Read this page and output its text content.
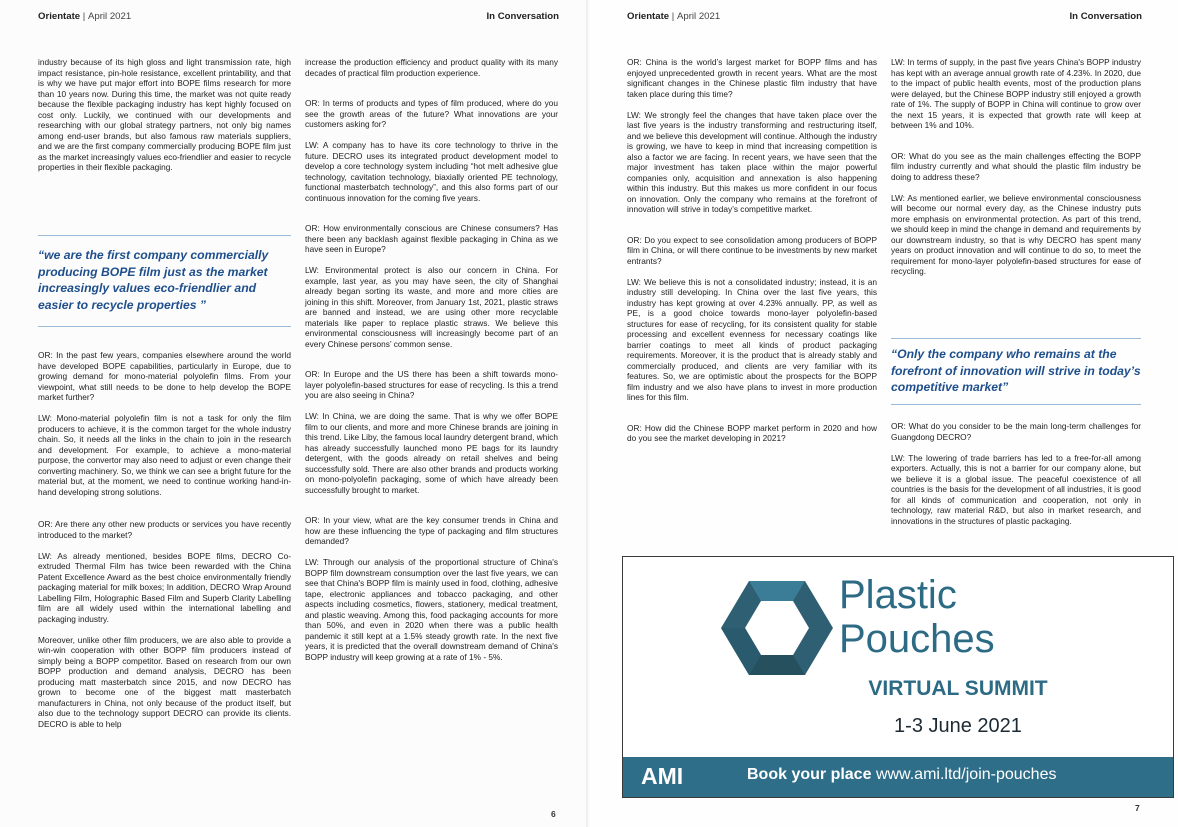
Orientate | April 2021	In Conversation

industry because of its high gloss and light transmission rate, high impact resistance, pin-hole resistance, excellent printability, and that is why we have put major effort into BOPE films research for more than 10 years now. During this time, the market was not quite ready because the flexible packaging industry has kept highly focused on cost only. Luckily, we continued with our developments and researching with our global strategy partners, not only big names among end-user brands, but also famous raw materials suppliers, and we are the first company commercially producing BOPE film just as the market increasingly values eco-friendlier and easier to recycle properties in their flexible packaging.

“we are the first company commercially producing BOPE film just as the market increasingly values eco-friendlier and easier to recycle properties ”

OR: In the past few years, companies elsewhere around the world have developed BOPE capabilities, particularly in Europe, due to growing demand for mono-material polyolefin films. From your viewpoint, what still needs to be done to help develop the BOPE market further?

LW: Mono-material polyolefin film is not a task for only the film producers to achieve, it is the common target for the whole industry chain. So, it needs all the links in the chain to join in the research and development. For example, to achieve a mono-material purpose, the convertor may also need to adjust or even change their converting machinery. So, we think we can see a bright future for the material but, at the moment, we need to continue working hand-in-hand developing strong solutions.

OR: Are there any other new products or services you have recently introduced to the market?

LW: As already mentioned, besides BOPE films, DECRO Co-extruded Thermal Film has twice been rewarded with the China Patent Excellence Award as the best choice environmentally friendly packaging material for milk boxes; In addition, DECRO Wrap Around Labelling Film, Holographic Based Film and Superb Clarity Labelling film are all widely used within the international labelling and packaging industry.

Moreover, unlike other film producers, we are also able to provide a win-win cooperation with other BOPP film producers instead of simply being a BOPP competitor. Based on research from our own BOPP production and demand analysis, DECRO has been producing matt masterbatch since 2015, and now DECRO has grown to become one of the biggest matt masterbatch manufacturers in China, not only because of the product itself, but also due to the technology support DECRO can provide its clients. DECRO is able to help

increase the production efficiency and product quality with its many decades of practical film production experience.

OR: In terms of products and types of film produced, where do you see the growth areas of the future? What innovations are your customers asking for?

LW: A company has to have its core technology to thrive in the future. DECRO uses its integrated product development model to develop a core technology system including “hot melt adhesive glue technology, cavitation technology, biaxially oriented PE technology, functional masterbatch technology”, and this also forms part of our continuous innovation for the coming five years.

OR: How environmentally conscious are Chinese consumers? Has there been any backlash against flexible packaging in China as we have seen in Europe?

LW: Environmental protect is also our concern in China. For example, last year, as you may have seen, the city of Shanghai already began sorting its waste, and more and more cities are joining in this shift. Moreover, from January 1st, 2021, plastic straws are banned and instead, we are using other more recyclable materials like paper to replace plastic straws. We believe this environmental consciousness will increasingly become part of an every Chinese persons’ common sense.

OR: In Europe and the US there has been a shift towards mono-layer polyolefin-based structures for ease of recycling. Is this a trend you are also seeing in China?

LW: In China, we are doing the same. That is why we offer BOPE film to our clients, and more and more Chinese brands are joining in this trend. Like Liby, the famous local laundry detergent brand, which has already successfully launched mono PE bags for its laundry detergent, with the goods already on retail shelves and being successfully sold. There are also other brands and products working on mono-polyolefin packaging, some of which have already been successfully brought to market.

OR: In your view, what are the key consumer trends in China and how are these influencing the type of packaging and film structures demanded?

LW: Through our analysis of the proportional structure of China's BOPP film downstream consumption over the last five years, we can see that China's BOPP film is mainly used in food, clothing, adhesive tape, electronic appliances and tobacco packaging, and other aspects including cosmetics, flowers, stationery, medical treatment, and plastic weaving. Among this, food packaging accounts for more than 50%, and even in 2020 when there was a public health pandemic it still kept at a 1.5% steady growth rate. In the next five years, it is predicted that the overall downstream demand of China's BOPP industry will keep growing at a rate of 1% - 5%.

6
Orientate | April 2021	In Conversation

OR: China is the world’s largest market for BOPP films and has enjoyed unprecedented growth in recent years. What are the most significant changes in the Chinese plastic film industry that have taken place during this time?

LW: We strongly feel the changes that have taken place over the last five years is the industry transforming and restructuring itself, and we believe this development will continue. Although the industry is growing, we have to keep in mind that increasing competition is also a factor we are facing. In recent years, we have seen that the major investment has taken place within the major powerful companies only, acquisition and annexation is also happening within this industry. But this makes us more confident in our focus on innovation. Only the company who remains at the forefront of innovation will strive in today’s competitive market.

OR: Do you expect to see consolidation among producers of BOPP film in China, or will there continue to be investments by new market entrants?

LW: We believe this is not a consolidated industry; instead, it is an industry still developing. In China over the last five years, this industry has kept growing at over 4.23% annually. PP, as well as PE, is a good choice towards mono-layer polyolefin-based structures for ease of recycling, for its consistent quality for stable processing and excellent evenness for necessary coatings like barrier coatings to meet all kinds of product packaging requirements. Moreover, it is the product that is already stably and commercially produced, and clients are very familiar with its features. So, we are optimistic about the prospects for the BOPP film industry and we also have plans to invest in more production lines for this film.

OR: How did the Chinese BOPP market perform in 2020 and how do you see the market developing in 2021?

LW: In terms of supply, in the past five years China's BOPP industry has kept with an average annual growth rate of 4.23%. In 2020, due to the impact of public health events, most of the production plans were delayed, but the Chinese BOPP industry still enjoyed a growth rate of 1%. The supply of BOPP in China will continue to grow over the next 15 years, it is expected that growth rate will keep at between 1% and 10%.

OR: What do you see as the main challenges effecting the BOPP film industry currently and what should the plastic film industry be doing to address these?

LW: As mentioned earlier, we believe environmental consciousness will become our normal every day, as the Chinese industry puts more emphasis on environmental protection. As part of this trend, we should keep in mind the change in demand and requirements by our downstream industry, so that is why DECRO has spent many years on product innovation and will continue to do so, to meet the requirement for mono-layer polyolefin-based structures for ease of recycling.

“Only the company who remains at the forefront of innovation will strive in today’s competitive market”

OR: What do you consider to be the main long-term challenges for Guangdong DECRO?

LW: The lowering of trade barriers has led to a free-for-all among exporters. Actually, this is not a barrier for our company alone, but we believe it is a global issue. The peaceful coexistence of all countries is the basis for the development of all industries, it is good for all kinds of communication and cooperation, not only in technology, raw material R&D, but also in market research, and innovations in the structures of plastic packaging.

7
Plastic
Pouches
VIRTUAL SUMMIT
1-3 June 2021
AMI	Book your place www.ami.ltd/join-pouches
